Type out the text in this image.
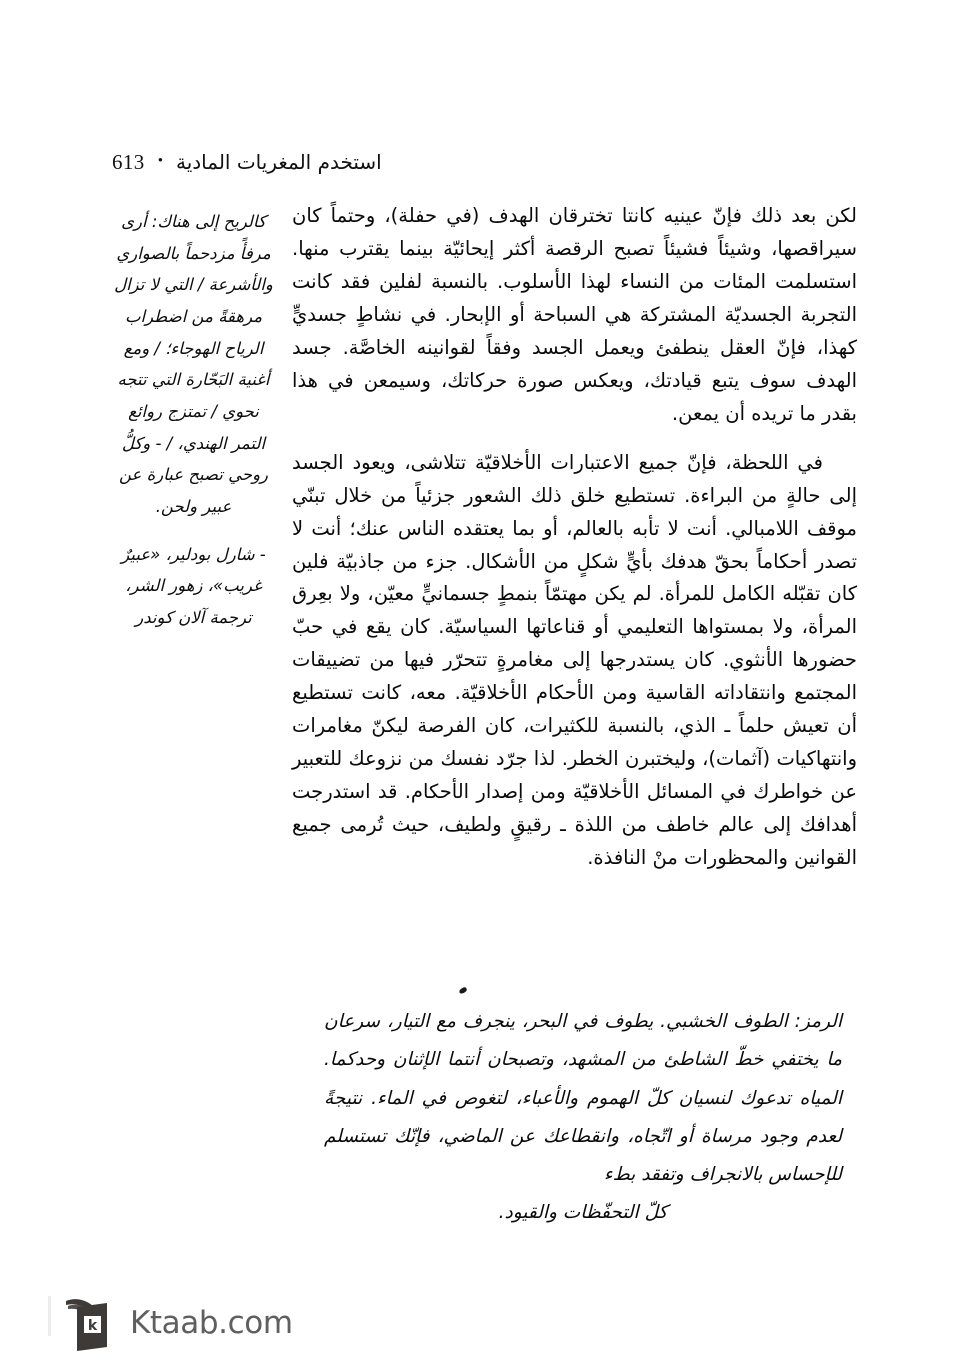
613 • استخدم المغريات المادية
كالريح إلى هناك: أرى مرفأً مزدحماً بالصواري والأشرعة / التي لا تزال مرهقةً من اضطراب الرياح الهوجاء؛ / ومع أغنية البَحّارة التي تتجه نحوي / تمتزج روائع التمر الهندي، / - وكلُّ روحي تصبح عبارة عن عبير ولحن.
- شارل بودلير، «عبيرٌ غريب»، زهور الشر، ترجمة آلان كوندر

لكن بعد ذلك فإنّ عينيه كانتا تخترقان الهدف (في حفلة)، وحتماً كان سيراقصها، وشيئاً فشيئاً تصبح الرقصة أكثر إيحائيّة بينما يقترب منها. استسلمت المئات من النساء لهذا الأسلوب. بالنسبة لفلين فقد كانت التجربة الجسديّة المشتركة هي السباحة أو الإبحار. في نشاطٍ جسديٍّ كهذا، فإنّ العقل ينطفئ ويعمل الجسد وفقاً لقوانينه الخاصَّة. جسد الهدف سوف يتبع قيادتك، ويعكس صورة حركاتك، وسيمعن في هذا بقدر ما تريده أن يمعن.

في اللحظة، فإنّ جميع الاعتبارات الأخلاقيّة تتلاشى، ويعود الجسد إلى حالةٍ من البراءة. تستطيع خلق ذلك الشعور جزئياً من خلال تبنّي موقف اللامبالي. أنت لا تأبه بالعالم، أو بما يعتقده الناس عنك؛ أنت لا تصدر أحكاماً بحقّ هدفك بأيٍّ شكلٍ من الأشكال. جزء من جاذبيّة فلين كان تقبّله الكامل للمرأة. لم يكن مهتمّاً بنمطٍ جسمانيٍّ معيّن، ولا بعِرق المرأة، ولا بمستواها التعليمي أو قناعاتها السياسيّة. كان يقع في حبّ حضورها الأنثوي. كان يستدرجها إلى مغامرةٍ تتحرّر فيها من تضييقات المجتمع وانتقاداته القاسية ومن الأحكام الأخلاقيّة. معه، كانت تستطيع أن تعيش حلماً ـ الذي، بالنسبة للكثيرات، كان الفرصة ليكنّ مغامرات وانتهاكيات (آثمات)، وليختبرن الخطر. لذا جرّد نفسك من نزوعك للتعبير عن خواطرك في المسائل الأخلاقيّة ومن إصدار الأحكام. قد استدرجت أهدافك إلى عالم خاطف من اللذة ـ رقيقٍ ولطيف، حيث تُرمى جميع القوانين والمحظورات منْ النافذة.

الرمز: الطوف الخشبي. يطوف في البحر، ينجرف مع التيار، سرعان ما يختفي خطّ الشاطئ من المشهد، وتصبحان أنتما الإثنان وحدكما. المياه تدعوك لنسيان كلّ الهموم والأعباء، لتغوص في الماء. نتيجةً لعدم وجود مرساة أو اتّجاه، وانقطاعك عن الماضي، فإنّك تستسلم للإحساس بالانجراف وتفقد بطء
كلّ التحفّظات والقيود.
k Ktaab.com
